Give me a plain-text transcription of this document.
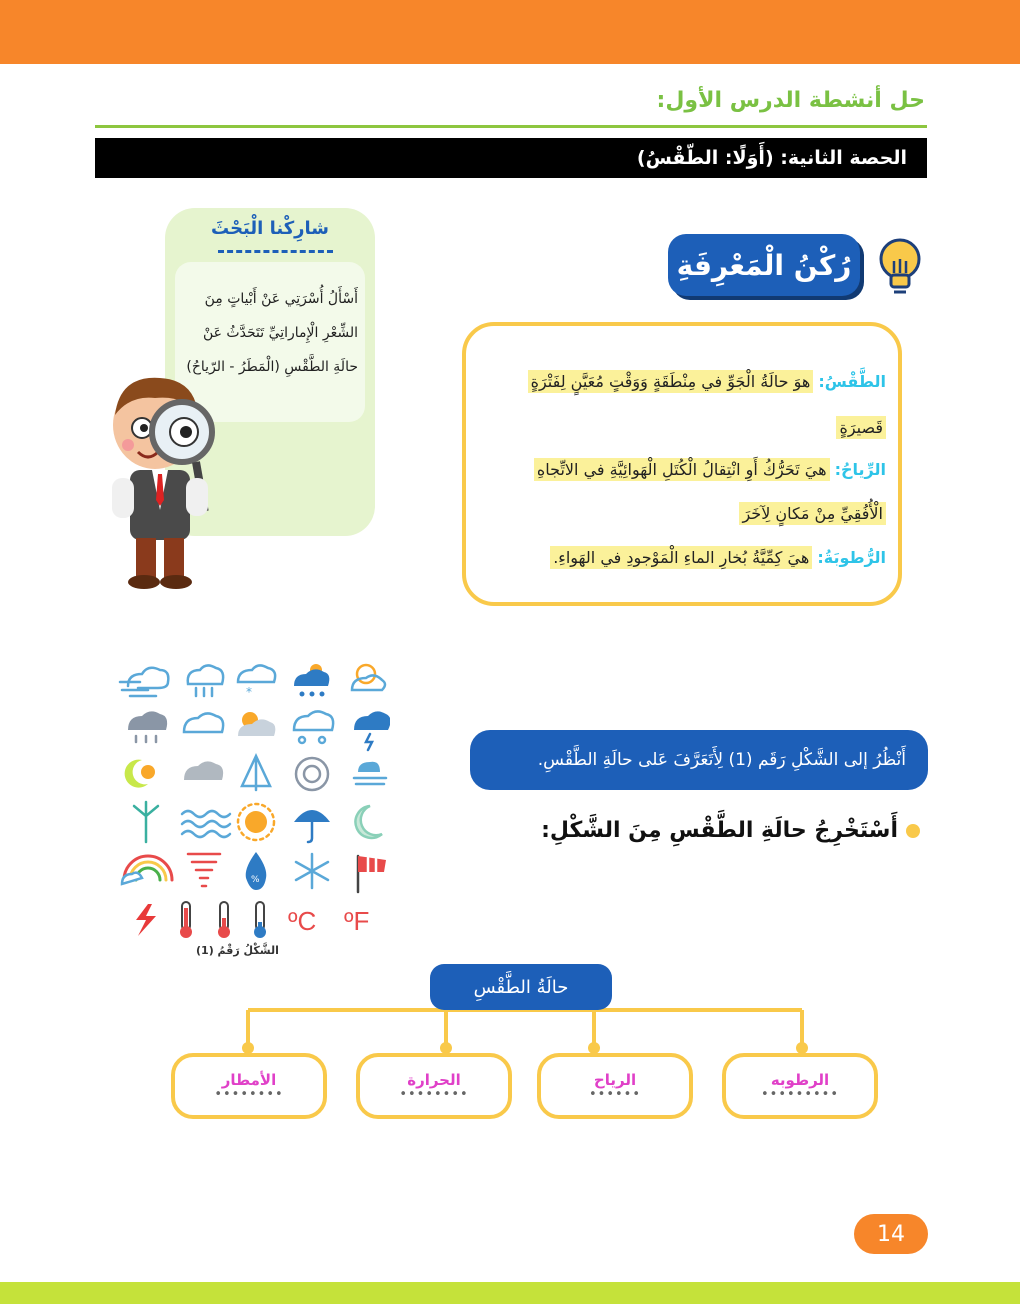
حل أنشطة الدرس الأول:
الحصة الثانية: (أَوَلًا: الطّقْسُ)
شارِكْنا الْبَحْثَ
أَسْأَلُ أُسْرَتِي عَنْ أَبْياتٍ مِنَ الشِّعْرِ الْإِماراتِيِّ تَتَحَدَّثُ عَنْ حالَةِ الطَّقْسِ (الْمَطَرُ - الرّياحُ)
رُكْنُ الْمَعْرِفَةِ
الطَّقْسُ: هوَ حالَةُ الْجَوِّ في مِنْطَقَةٍ وَوَقْتٍ مُعَيَّنٍ لِفَتْرَةٍ
قَصيرَةٍ
الرِّياحُ: هيَ تَحَرُّكُ أَوِ انْتِقالُ الْكُتَلِ الْهَوائِيَّةِ في الاتِّجاهِ
الْأُفُقِيِّ مِنْ مَكانٍ لِآخَرَ
الرُّطوبَةُ: هيَ كِمِّيَّةُ بُخارِ الماءِ الْمَوْجودِ في الهَواءِ.
*
%
ºC ºF
الشَّكْلُ رَقْمُ (1)
أَنْظُرُ إلى الشَّكْلِ رَقَم (1) لِأَتَعَرَّفَ عَلى حالَةِ الطَّقْسِ.
أَسْتَخْرِجُ حالَةِ الطَّقْسِ مِنَ الشَّكْلِ:
حالَةُ الطَّقْسِ
الأمطار
••••••••
الحرارة
••••••••
الرياح
••••••
الرطوبه
•••••••••
14
